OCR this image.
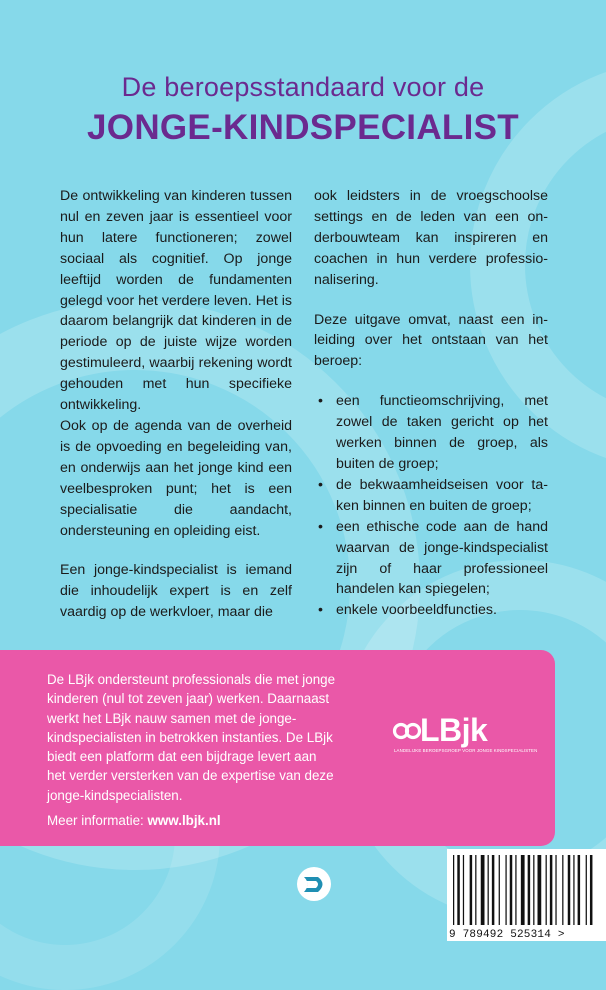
De beroepsstandaard voor de
JONGE-KINDSPECIALIST

De ontwikkeling van kinderen tussen nul en zeven jaar is essentieel voor hun latere functioneren; zowel sociaal als cognitief. Op jonge leeftijd worden de fundamenten gelegd voor het verdere leven. Het is daarom belangrijk dat kinderen in de periode op de juiste wijze worden gestimuleerd, waarbij rekening wordt gehouden met hun specifieke ontwikkeling.

Ook op de agenda van de overheid is de opvoeding en begeleiding van, en onderwijs aan het jonge kind een veelbesproken punt; het is een specialisatie die aandacht, ondersteuning en opleiding eist.

Een jonge-kindspecialist is iemand die inhoudelijk expert is en zelf vaardig op de werkvloer, maar die

ook leidsters in de vroegschoolse settings en de leden van een onderbouwteam kan inspireren en coachen in hun verdere professionalisering.

Deze uitgave omvat, naast een inleiding over het ontstaan van het beroep:

• een functieomschrijving, met zowel de taken gericht op het werken binnen de groep, als buiten de groep;
• de bekwaamheidseisen voor taken binnen en buiten de groep;
• een ethische code aan de hand waarvan de jonge-kindspecialist zijn of haar professioneel handelen kan spiegelen;
• enkele voorbeeldfuncties.

De LBjk ondersteunt professionals die met jonge kinderen (nul tot zeven jaar) werken. Daarnaast werkt het LBjk nauw samen met de jonge-kindspecialisten in betrokken instanties. De LBjk biedt een platform dat een bijdrage levert aan het verder versterken van de expertise van deze jonge-kindspecialisten.

Meer informatie: www.lbjk.nl

LBjk
LANDELIJKE BEROEPSGROEP VOOR JONGE KINDSPECIALISTEN
9 789492 525314 >
